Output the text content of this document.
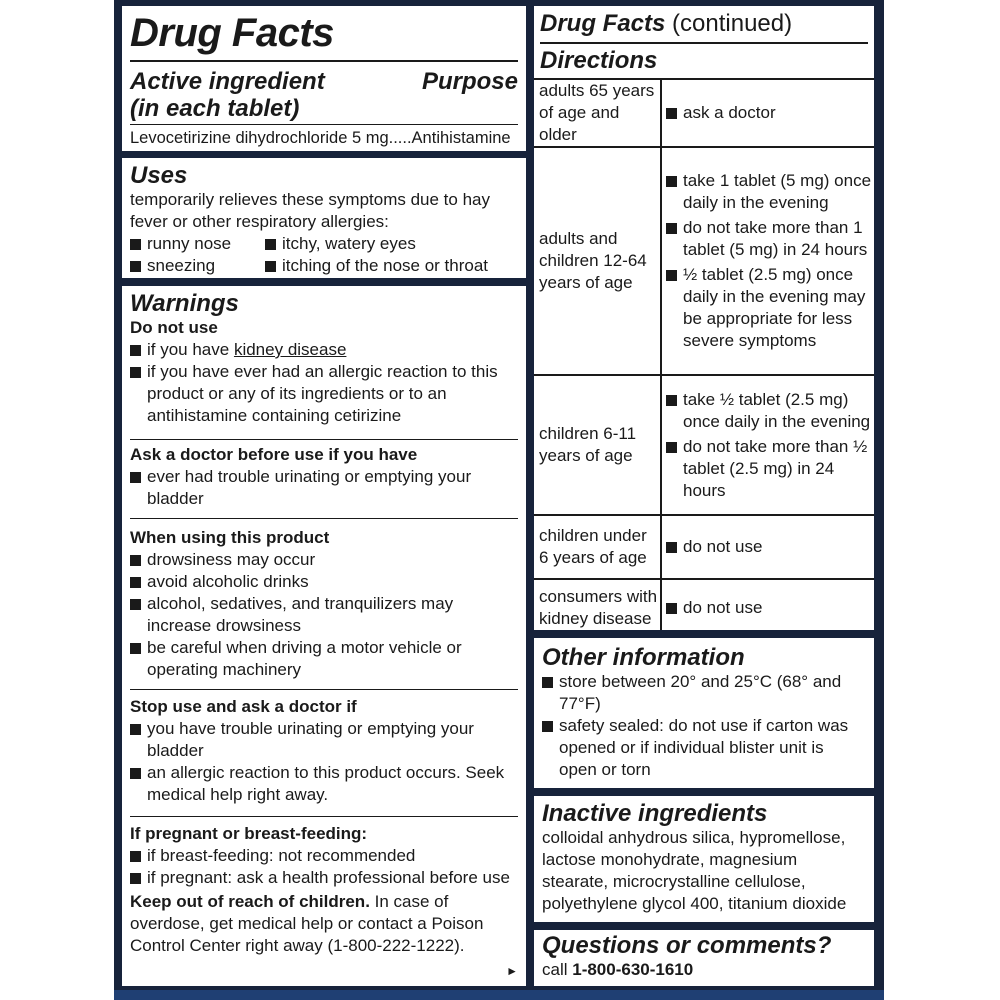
Drug Facts
Active ingredient
(in each tablet)
Purpose
Levocetirizine dihydrochloride 5 mg.....Antihistamine
Uses
temporarily relieves these symptoms due to hay fever or other respiratory allergies:
runny nose	itchy, watery eyes
sneezing	itching of the nose or throat
Warnings
Do not use
if you have kidney disease
if you have ever had an allergic reaction to this product or any of its ingredients or to an antihistamine containing cetirizine
Ask a doctor before use if you have
ever had trouble urinating or emptying your bladder
When using this product
drowsiness may occur
avoid alcoholic drinks
alcohol, sedatives, and tranquilizers may increase drowsiness
be careful when driving a motor vehicle or operating machinery
Stop use and ask a doctor if
you have trouble urinating or emptying your bladder
an allergic reaction to this product occurs. Seek medical help right away.
If pregnant or breast-feeding:
if breast-feeding: not recommended
if pregnant: ask a health professional before use
Keep out of reach of children. In case of overdose, get medical help or contact a Poison Control Center right away (1-800-222-1222).
►
Drug Facts (continued)
Directions
adults 65 years of age and older	ask a doctor

adults and children 12-64 years of age	take 1 tablet (5 mg) once daily in the evening
do not take more than 1 tablet (5 mg) in 24 hours
½ tablet (2.5 mg) once daily in the evening may be appropriate for less severe symptoms

children 6-11 years of age	take ½ tablet (2.5 mg) once daily in the evening
do not take more than ½ tablet (2.5 mg) in 24 hours

children under 6 years of age	do not use

consumers with kidney disease	do not use
Other information
store between 20° and 25°C (68° and 77°F)
safety sealed: do not use if carton was opened or if individual blister unit is open or torn
Inactive ingredients
colloidal anhydrous silica, hypromellose, lactose monohydrate, magnesium stearate, microcrystalline cellulose, polyethylene glycol 400, titanium dioxide
Questions or comments?
call 1-800-630-1610
